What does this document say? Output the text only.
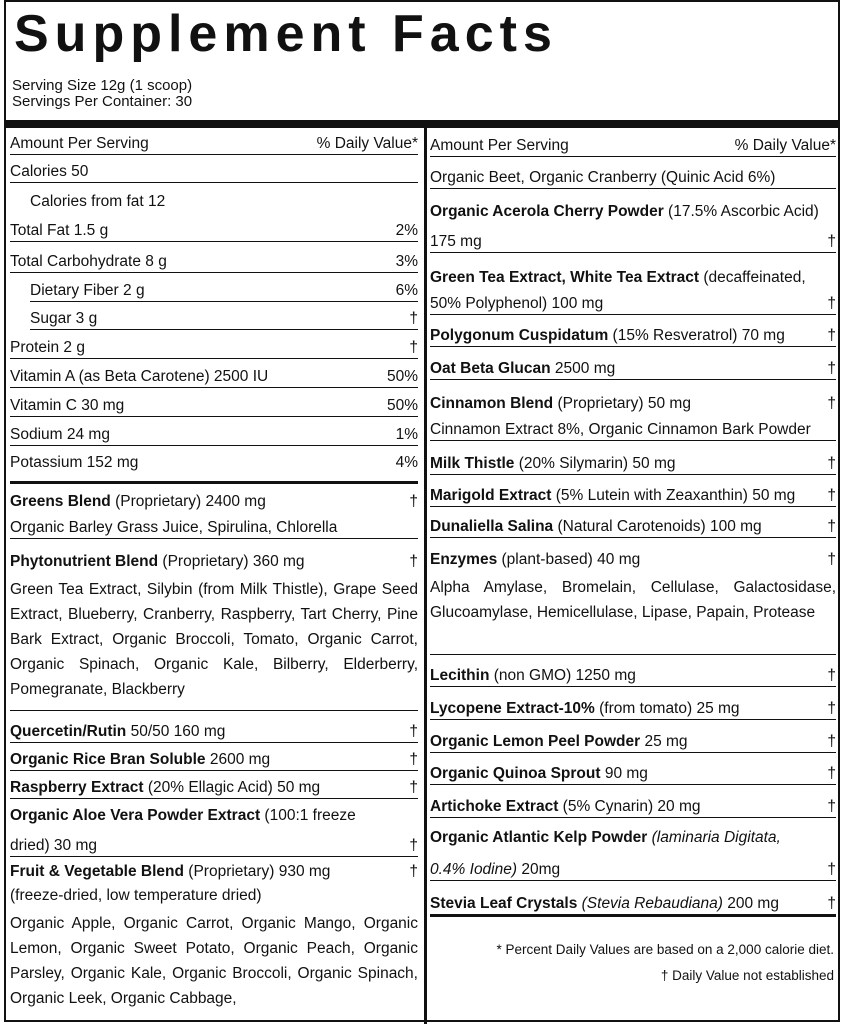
Supplement Facts
Serving Size 12g (1 scoop)
Servings Per Container: 30
Amount Per Serving	% Daily Value*
Calories 50
Calories from fat 12
Total Fat 1.5 g	2%
Total Carbohydrate 8 g	3%
Dietary Fiber 2 g	6%
Sugar 3 g	†
Protein 2 g	†
Vitamin A (as Beta Carotene) 2500 IU	50%
Vitamin C 30 mg	50%
Sodium 24 mg	1%
Potassium 152 mg	4%
Greens Blend (Proprietary) 2400 mg	†
Organic Barley Grass Juice, Spirulina, Chlorella
Phytonutrient Blend (Proprietary) 360 mg	†
Green Tea Extract, Silybin (from Milk Thistle), Grape Seed Extract, Blueberry, Cranberry, Raspberry, Tart Cherry, Pine Bark Extract, Organic Broccoli, Tomato, Organic Carrot, Organic Spinach, Organic Kale, Bilberry, Elderberry, Pomegranate, Blackberry
Quercetin/Rutin 50/50 160 mg	†
Organic Rice Bran Soluble 2600 mg	†
Raspberry Extract (20% Ellagic Acid) 50 mg	†
Organic Aloe Vera Powder Extract (100:1 freeze
dried) 30 mg	†
Fruit & Vegetable Blend (Proprietary) 930 mg	†
(freeze-dried, low temperature dried)
Organic Apple, Organic Carrot, Organic Mango, Organic Lemon, Organic Sweet Potato, Organic Peach, Organic Parsley, Organic Kale, Organic Broccoli, Organic Spinach, Organic Leek, Organic Cabbage,
Amount Per Serving	% Daily Value*
Organic Beet, Organic Cranberry (Quinic Acid 6%)
Organic Acerola Cherry Powder (17.5% Ascorbic Acid)
175 mg	†
Green Tea Extract, White Tea Extract (decaffeinated,
50% Polyphenol) 100 mg	†
Polygonum Cuspidatum (15% Resveratrol) 70 mg	†
Oat Beta Glucan 2500 mg	†
Cinnamon Blend (Proprietary) 50 mg	†
Cinnamon Extract 8%, Organic Cinnamon Bark Powder
Milk Thistle (20% Silymarin) 50 mg	†
Marigold Extract (5% Lutein with Zeaxanthin) 50 mg	†
Dunaliella Salina (Natural Carotenoids) 100 mg	†
Enzymes (plant-based) 40 mg	†
Alpha Amylase, Bromelain, Cellulase, Galactosidase, Glucoamylase, Hemicellulase, Lipase, Papain, Protease
Lecithin (non GMO) 1250 mg	†
Lycopene Extract-10% (from tomato) 25 mg	†
Organic Lemon Peel Powder 25 mg	†
Organic Quinoa Sprout 90 mg	†
Artichoke Extract (5% Cynarin) 20 mg	†
Organic Atlantic Kelp Powder (laminaria Digitata,
0.4% Iodine) 20mg	†
Stevia Leaf Crystals (Stevia Rebaudiana) 200 mg	†
* Percent Daily Values are based on a 2,000 calorie diet.
† Daily Value not established
